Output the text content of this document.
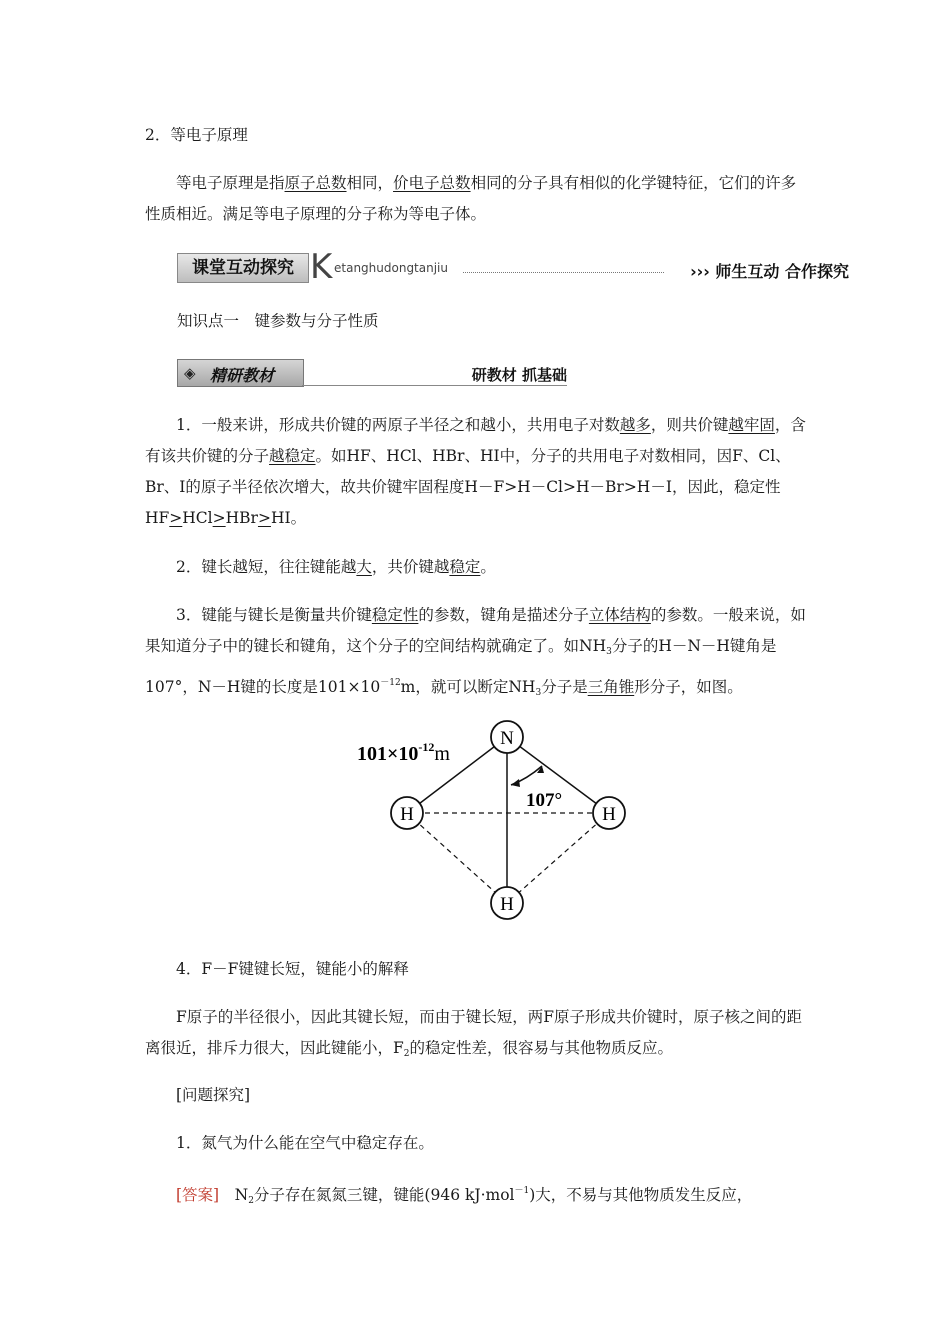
2．等电子原理

等电子原理是指原子总数相同，价电子总数相同的分子具有相似的化学键特征，它们的许多性质相近。满足等电子原理的分子称为等电子体。

课堂互动探究 K etanghudongtanjiu	››› 师生互动 合作探究

知识点一　键参数与分子性质

◈ 精研教材	研教材 抓基础

1．一般来讲，形成共价键的两原子半径之和越小，共用电子对数越多，则共价键越牢固，含有该共价键的分子越稳定。如HF、HCl、HBr、HI中，分子的共用电子对数相同，因F、Cl、Br、I的原子半径依次增大，故共价键牢固程度H－F>H－Cl>H－Br>H－I，因此，稳定性HF>HCl>HBr>HI。

2．键长越短，往往键能越大，共价键越稳定。

3．键能与键长是衡量共价键稳定性的参数，键角是描述分子立体结构的参数。一般来说，如果知道分子中的键长和键角，这个分子的空间结构就确定了。如$NH_3$分子的H－N－H键角是107°，N－H键的长度是$101\times 10^{-12}m$，就可以断定$NH_3$分子是三角锥形分子，如图。

N
H	H
H
$101\times 10^{-12}m$
107°

4．F－F键键长短，键能小的解释

F原子的半径很小，因此其键长短，而由于键长短，两F原子形成共价键时，原子核之间的距离很近，排斥力很大，因此键能小，$F_2$的稳定性差，很容易与其他物质反应。

[问题探究]

1．氮气为什么能在空气中稳定存在。

[答案]　$N_2$分子存在氮氮三键，键能(946 kJ·mol$^{-1}$)大，不易与其他物质发生反应，
